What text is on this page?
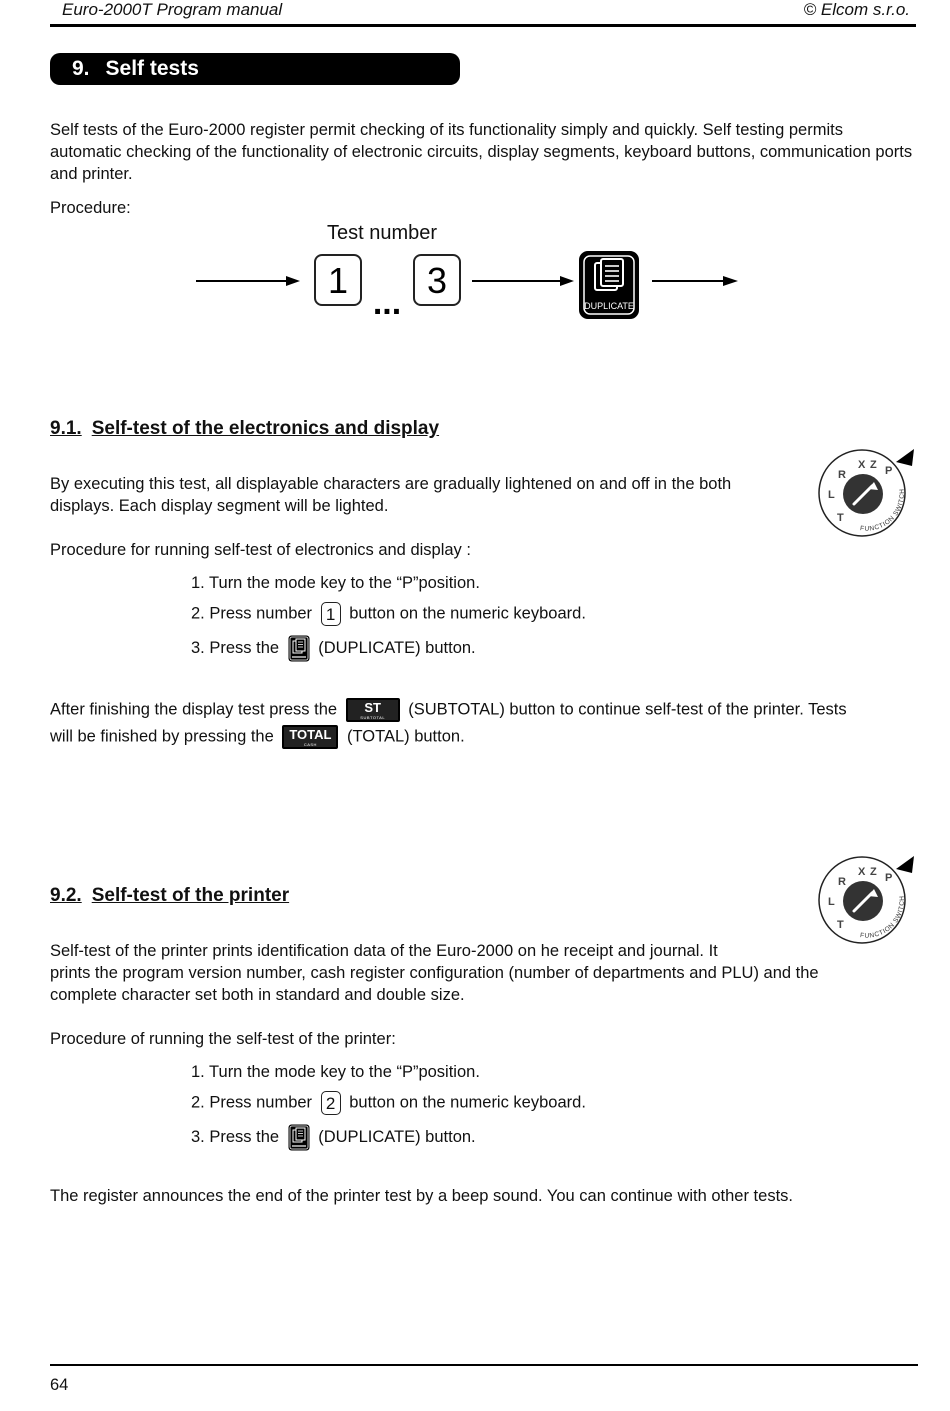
Euro-2000T Program manual	© Elcom s.r.o.
9. Self tests
Self tests of the Euro-2000 register permit checking of its functionality simply and quickly. Self testing permits automatic checking of the functionality of electronic circuits, display segments, keyboard buttons, communication ports and printer.
Procedure:
Test number
1
...
3
DUPLICATE
9.1. Self-test of the electronics and display
X Z
R	P
L
T
FUNCTION SWITCH
By executing this test, all displayable characters are gradually lightened on and off in the both
displays. Each display segment will be lighted.
Procedure for running self-test of electronics and display :
1. Turn the mode key to the “P”position.
2. Press number 1 button on the numeric keyboard.
3. Press the (DUPLICATE) button.
After finishing the display test press the ST
SUBTOTAL	(SUBTOTAL) button to continue self-test of the printer. Tests
will be finished by pressing the TOTAL
CASH	(TOTAL) button.
9.2. Self-test of the printer
X Z
R	P
L
T
FUNCTION SWITCH
Self-test of the printer prints identification data of the Euro-2000 on he receipt and journal. It
prints the program version number, cash register configuration (number of departments and PLU) and the
complete character set both in standard and double size.
Procedure of running the self-test of the printer:
1. Turn the mode key to the “P”position.
2. Press number 2 button on the numeric keyboard.
3. Press the (DUPLICATE) button.
The register announces the end of the printer test by a beep sound. You can continue with other tests.
64
